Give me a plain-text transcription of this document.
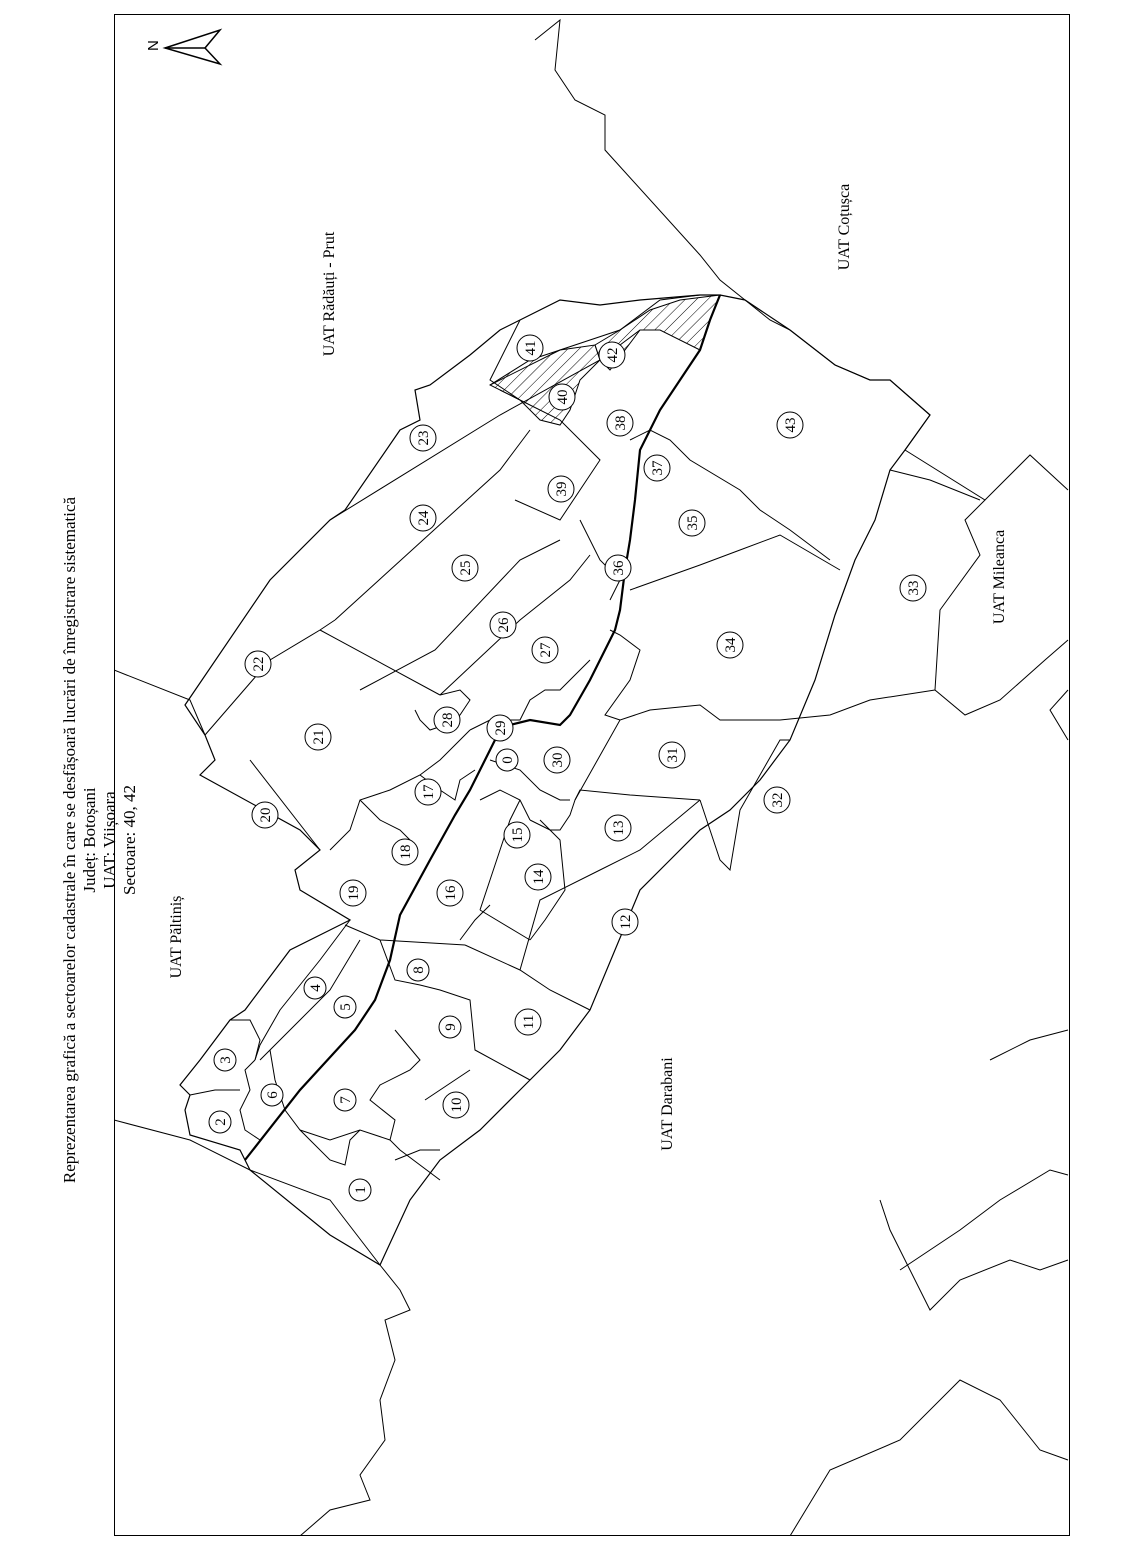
N
0
1
2
3
4
5
6
7
8
9
10
11
12
13
14
15
16
17
18
19
20
21
22
23
24
25
26
27
28
29
30	31
32
33
34
35
36
37
38
39
40
41	42
43
Reprezentarea grafică a sectoarelor cadastrale în care se desfășoară lucrări de înregistrare sistematică Județ: Botoșani UAT: Viișoara Sectoare: 40, 42
UAT Rădăuți - Prut
UAT Coțușca
UAT Mileanca
UAT Păltiniș
UAT Darabani
